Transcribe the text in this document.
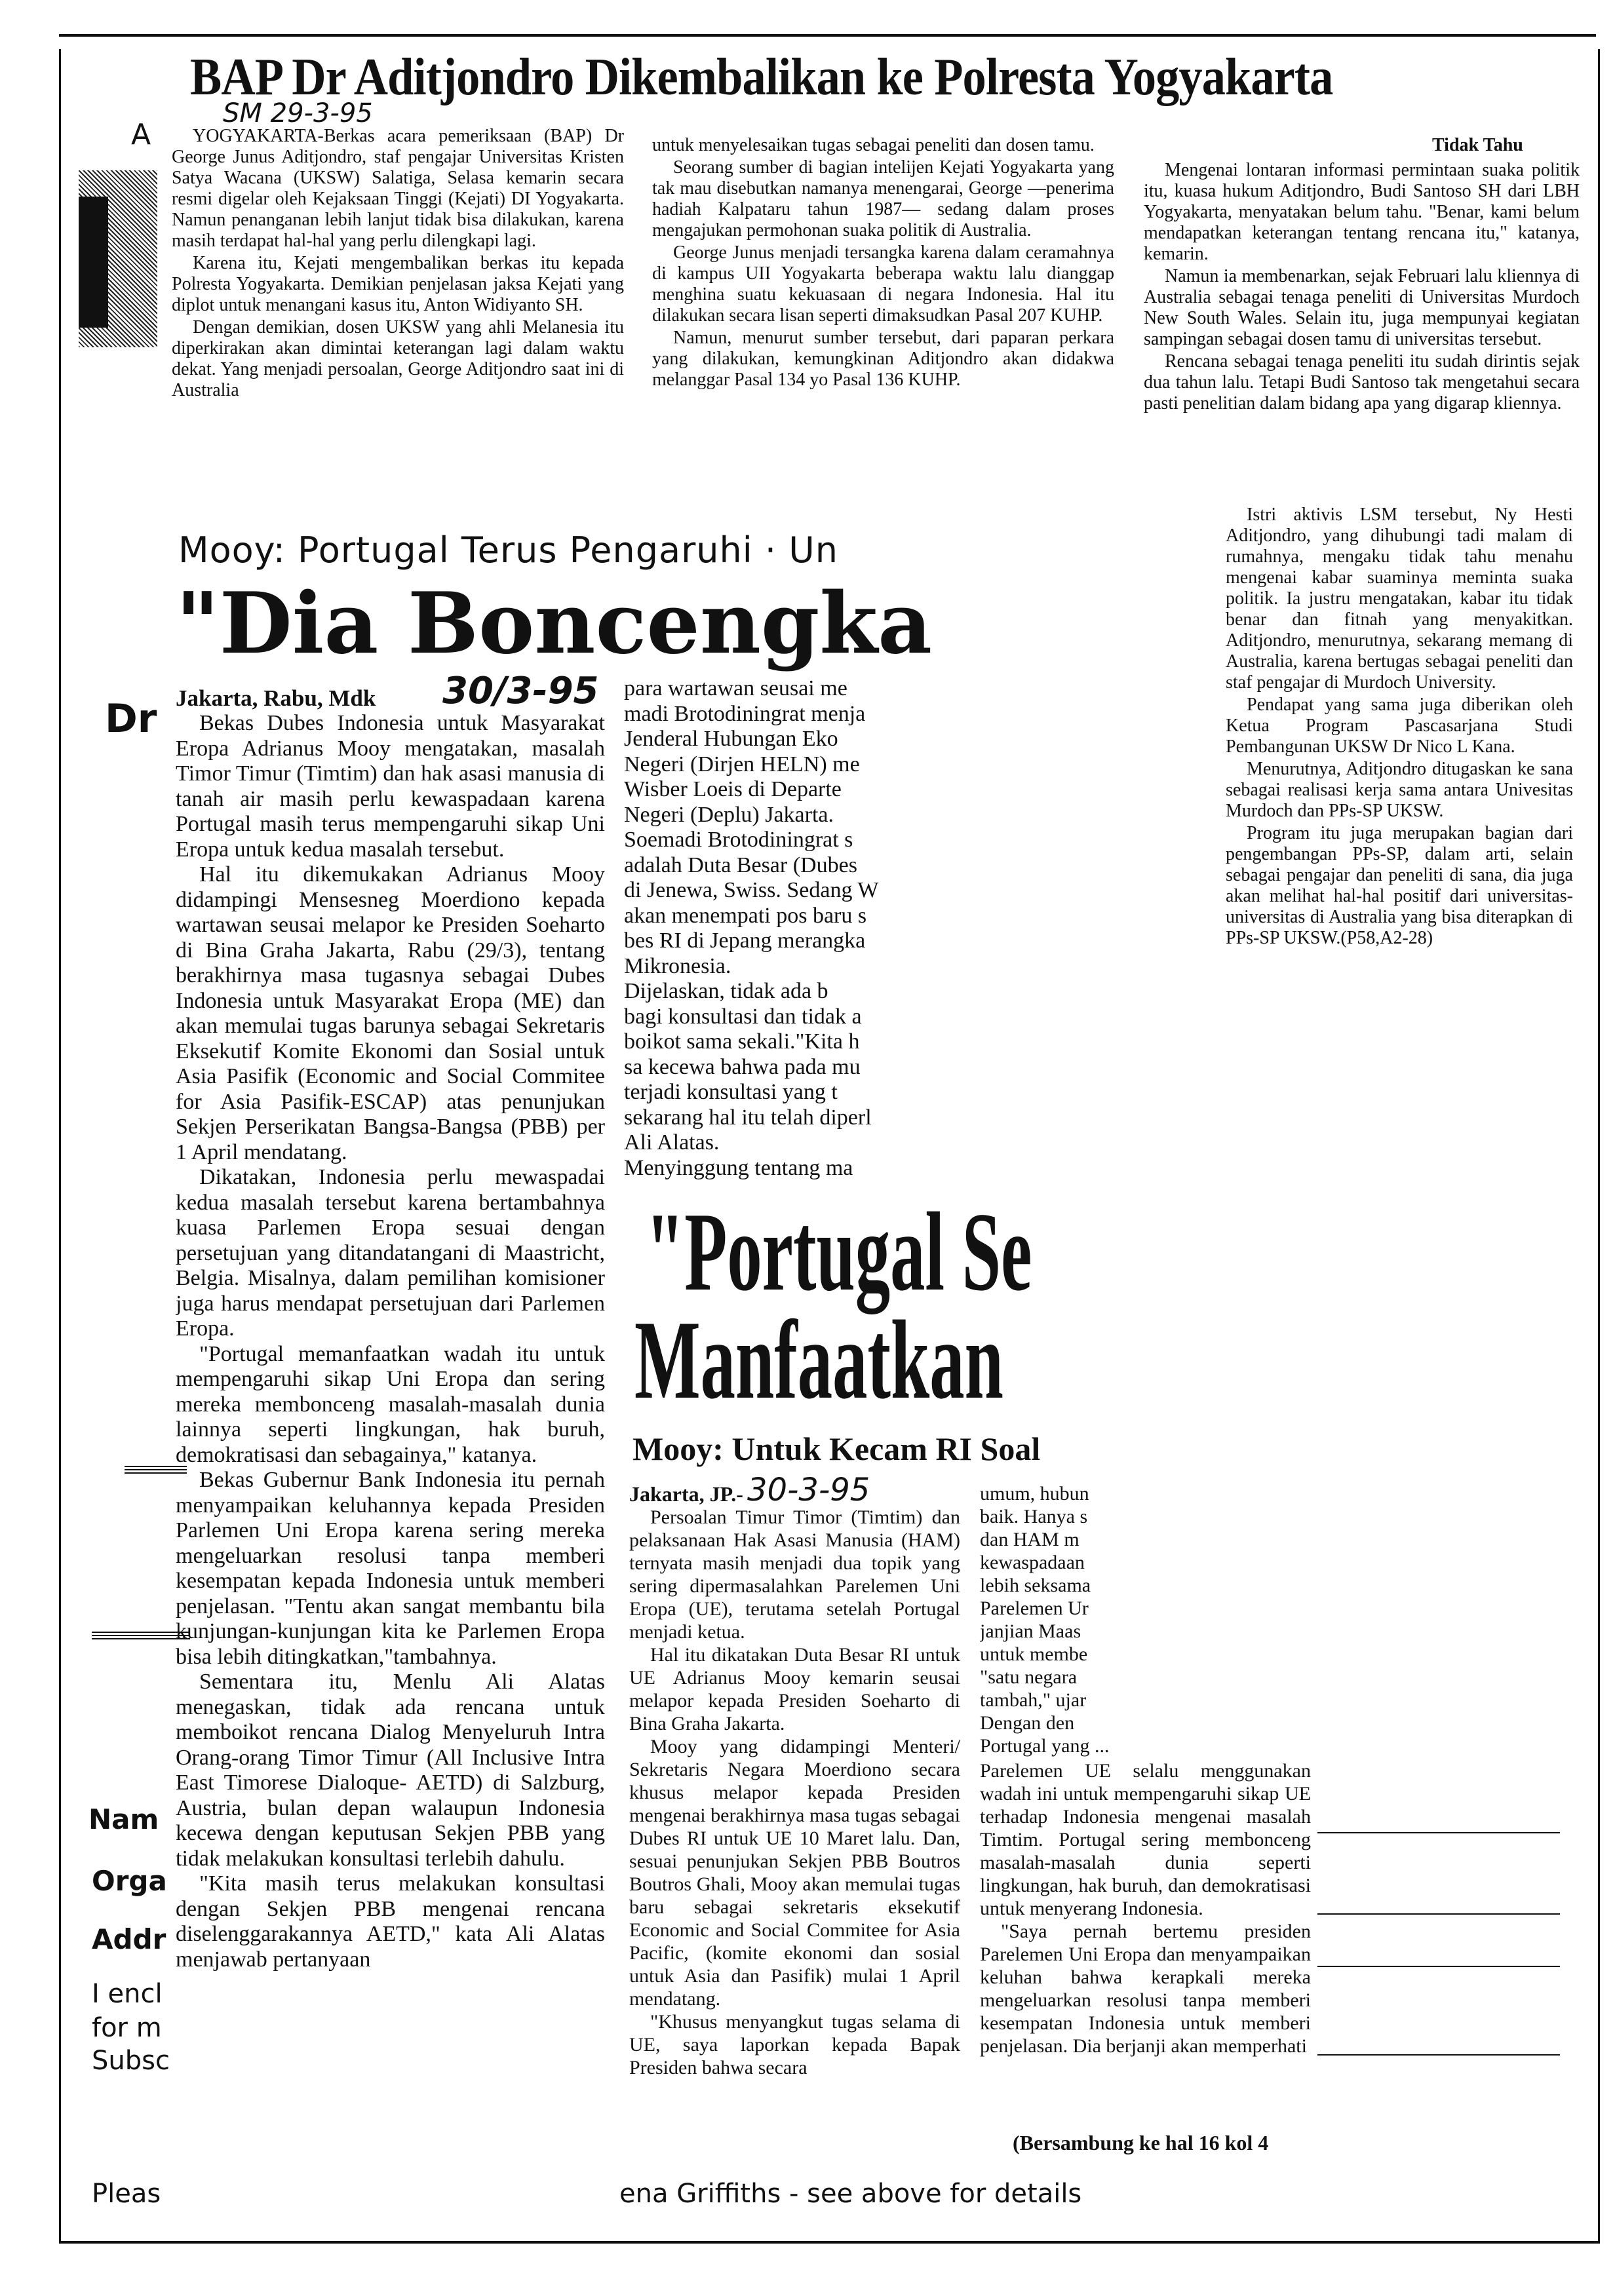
A
Dr
Nam
Orga
Addr
I encl
for m
Subsc
Pleas	ena Griffiths - see above for details
BAP Dr Aditjondro Dikembalikan ke Polresta Yogyakarta
SM 29-3-95

YOGYAKARTA-Berkas acara pemeriksaan (BAP) Dr George Junus Aditjondro, staf pengajar Universitas Kristen Satya Wacana (UKSW) Salatiga, Selasa kemarin secara resmi digelar oleh Kejaksaan Tinggi (Kejati) DI Yogyakarta. Namun penanganan lebih lanjut tidak bisa dilakukan, karena masih terdapat hal-hal yang perlu dilengkapi lagi.

Karena itu, Kejati mengembalikan berkas itu kepada Polresta Yogyakarta. Demikian penjelasan jaksa Kejati yang diplot untuk menangani kasus itu, Anton Widiyanto SH.

Dengan demikian, dosen UKSW yang ahli Melanesia itu diperkirakan akan dimintai keterangan lagi dalam waktu dekat. Yang menjadi persoalan, George Aditjondro saat ini di Australia

untuk menyelesaikan tugas sebagai peneliti dan dosen tamu.

Seorang sumber di bagian intelijen Kejati Yogyakarta yang tak mau disebutkan namanya menengarai, George —penerima hadiah Kalpataru tahun 1987— sedang dalam proses mengajukan permohonan suaka politik di Australia.

George Junus menjadi tersangka karena dalam ceramahnya di kampus UII Yogyakarta beberapa waktu lalu dianggap menghina suatu kekuasaan di negara Indonesia. Hal itu dilakukan secara lisan seperti dimaksudkan Pasal 207 KUHP.

Namun, menurut sumber tersebut, dari paparan perkara yang dilakukan, kemungkinan Aditjondro akan didakwa melanggar Pasal 134 yo Pasal 136 KUHP.

Tidak Tahu

Mengenai lontaran informasi permintaan suaka politik itu, kuasa hukum Aditjondro, Budi Santoso SH dari LBH Yogyakarta, menyatakan belum tahu. "Benar, kami belum mendapatkan keterangan tentang rencana itu," katanya, kemarin.

Namun ia membenarkan, sejak Februari lalu kliennya di Australia sebagai tenaga peneliti di Universitas Murdoch New South Wales. Selain itu, juga mempunyai kegiatan sampingan sebagai dosen tamu di universitas tersebut.

Rencana sebagai tenaga peneliti itu sudah dirintis sejak dua tahun lalu. Tetapi Budi Santoso tak mengetahui secara pasti penelitian dalam bidang apa yang digarap kliennya.

Istri aktivis LSM tersebut, Ny Hesti Aditjondro, yang dihubungi tadi malam di rumahnya, mengaku tidak tahu menahu mengenai kabar suaminya meminta suaka politik. Ia justru mengatakan, kabar itu tidak benar dan fitnah yang menyakitkan. Aditjondro, menurutnya, sekarang memang di Australia, karena bertugas sebagai peneliti dan staf pengajar di Murdoch University.

Pendapat yang sama juga diberikan oleh Ketua Program Pascasarjana Studi Pembangunan UKSW Dr Nico L Kana.

Menurutnya, Aditjondro ditugaskan ke sana sebagai realisasi kerja sama antara Univesitas Murdoch dan PPs-SP UKSW.

Program itu juga merupakan bagian dari pengembangan PPs-SP, dalam arti, selain sebagai pengajar dan peneliti di sana, dia juga akan melihat hal-hal positif dari universitas-universitas di Australia yang bisa diterapkan di PPs-SP UKSW.(P58,A2-28)

Mooy: Portugal Terus Pengaruhi · Un
"Dia Boncengka
Jakarta, Rabu, Mdk 30/3-95

Bekas Dubes Indonesia untuk Masyarakat Eropa Adrianus Mooy mengatakan, masalah Timor Timur (Timtim) dan hak asasi manusia di tanah air masih perlu kewaspadaan karena Portugal masih terus mempengaruhi sikap Uni Eropa untuk kedua masalah tersebut.

Hal itu dikemukakan Adrianus Mooy didampingi Mensesneg Moerdiono kepada wartawan seusai melapor ke Presiden Soeharto di Bina Graha Jakarta, Rabu (29/3), tentang berakhirnya masa tugasnya sebagai Dubes Indonesia untuk Masyarakat Eropa (ME) dan akan memulai tugas barunya sebagai Sekretaris Eksekutif Komite Ekonomi dan Sosial untuk Asia Pasifik (Economic and Social Commitee for Asia Pasifik-ESCAP) atas penunjukan Sekjen Perserikatan Bangsa-Bangsa (PBB) per 1 April mendatang.

Dikatakan, Indonesia perlu mewaspadai kedua masalah tersebut karena bertambahnya kuasa Parlemen Eropa sesuai dengan persetujuan yang ditandatangani di Maastricht, Belgia. Misalnya, dalam pemilihan komisioner juga harus mendapat persetujuan dari Parlemen Eropa.

"Portugal memanfaatkan wadah itu untuk mempengaruhi sikap Uni Eropa dan sering mereka membonceng masalah-masalah dunia lainnya seperti lingkungan, hak buruh, demokratisasi dan sebagainya," katanya.

Bekas Gubernur Bank Indonesia itu pernah menyampaikan keluhannya kepada Presiden Parlemen Uni Eropa karena sering mereka mengeluarkan resolusi tanpa memberi kesempatan kepada Indonesia untuk memberi penjelasan. "Tentu akan sangat membantu bila kunjungan-kunjungan kita ke Parlemen Eropa bisa lebih ditingkatkan,"tambahnya.

Sementara itu, Menlu Ali Alatas menegaskan, tidak ada rencana untuk memboikot rencana Dialog Menyeluruh Intra Orang-orang Timor Timur (All Inclusive Intra East Timorese Dialoque- AETD) di Salzburg, Austria, bulan depan walaupun Indonesia kecewa dengan keputusan Sekjen PBB yang tidak melakukan konsultasi terlebih dahulu.

"Kita masih terus melakukan konsultasi dengan Sekjen PBB mengenai rencana diselenggarakannya AETD," kata Ali Alatas menjawab pertanyaan

para wartawan seusai me
madi Brotodiningrat menja
Jenderal Hubungan Eko
Negeri (Dirjen HELN) me
Wisber Loeis di Departe
Negeri (Deplu) Jakarta.
Soemadi Brotodiningrat s
adalah Duta Besar (Dubes
di Jenewa, Swiss. Sedang W
akan menempati pos baru s
bes RI di Jepang merangka
Mikronesia.
Dijelaskan, tidak ada b
bagi konsultasi dan tidak a
boikot sama sekali."Kita h
sa kecewa bahwa pada mu
terjadi konsultasi yang t
sekarang hal itu telah diperl
Ali Alatas.
Menyinggung tentang ma
"Portugal Se
Manfaatkan
Mooy: Untuk Kecam RI Soal
Jakarta, JP.- 30-3-95

Persoalan Timur Timor (Timtim) dan pelaksanaan Hak Asasi Manusia (HAM) ternyata masih menjadi dua topik yang sering dipermasalahkan Parelemen Uni Eropa (UE), terutama setelah Portugal menjadi ketua.

Hal itu dikatakan Duta Besar RI untuk UE Adrianus Mooy kemarin seusai melapor kepada Presiden Soeharto di Bina Graha Jakarta.

Mooy yang didampingi Menteri/ Sekretaris Negara Moerdiono secara khusus melapor kepada Presiden mengenai berakhirnya masa tugas sebagai Dubes RI untuk UE 10 Maret lalu. Dan, sesuai penunjukan Sekjen PBB Boutros Boutros Ghali, Mooy akan memulai tugas baru sebagai sekretaris eksekutif Economic and Social Commitee for Asia Pacific, (komite ekonomi dan sosial untuk Asia dan Pasifik) mulai 1 April mendatang.

"Khusus menyangkut tugas selama di UE, saya laporkan kepada Bapak Presiden bahwa secara

umum, hubun
baik. Hanya s
dan HAM m
kewaspadaan
lebih seksama
Parelemen Ur
janjian Maas
untuk membe
"satu negara
tambah," ujar
Dengan den
Portugal yang ...

Parelemen UE selalu menggunakan wadah ini untuk mempengaruhi sikap UE terhadap Indonesia mengenai masalah Timtim. Portugal sering membonceng masalah-masalah dunia seperti lingkungan, hak buruh, dan demokratisasi untuk menyerang Indonesia.

"Saya pernah bertemu presiden Parelemen Uni Eropa dan menyampaikan keluhan bahwa kerapkali mereka mengeluarkan resolusi tanpa memberi kesempatan Indonesia untuk memberi penjelasan. Dia berjanji akan memperhati

(Bersambung ke hal 16 kol 4
